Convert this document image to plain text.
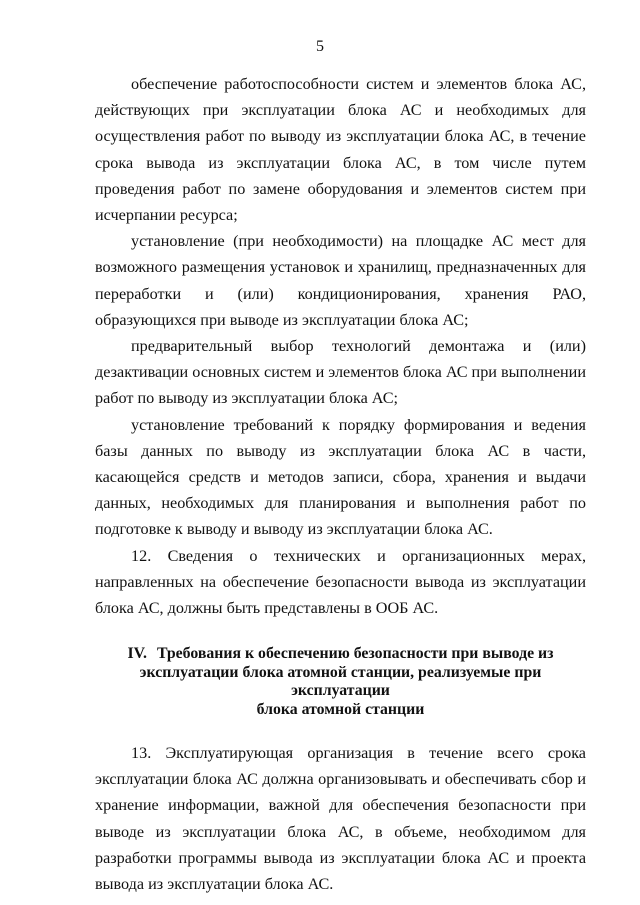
5

обеспечение работоспособности систем и элементов блока АС, действующих при эксплуатации блока АС и необходимых для осуществления работ по выводу из эксплуатации блока АС, в течение срока вывода из эксплуатации блока АС, в том числе путем проведения работ по замене оборудования и элементов систем при исчерпании ресурса;

установление (при необходимости) на площадке АС мест для возможного размещения установок и хранилищ, предназначенных для переработки и (или) кондиционирования, хранения РАО, образующихся при выводе из эксплуатации блока АС;

предварительный выбор технологий демонтажа и (или) дезактивации основных систем и элементов блока АС при выполнении работ по выводу из эксплуатации блока АС;

установление требований к порядку формирования и ведения базы данных по выводу из эксплуатации блока АС в части, касающейся средств и методов записи, сбора, хранения и выдачи данных, необходимых для планирования и выполнения работ по подготовке к выводу и выводу из эксплуатации блока АС.

12. Сведения о технических и организационных мерах, направленных на обеспечение безопасности вывода из эксплуатации блока АС, должны быть представлены в ООБ АС.

IV. Требования к обеспечению безопасности при выводе из
эксплуатации блока атомной станции, реализуемые при эксплуатации
блока атомной станции

13. Эксплуатирующая организация в течение всего срока эксплуатации блока АС должна организовывать и обеспечивать сбор и хранение информации, важной для обеспечения безопасности при выводе из эксплуатации блока АС, в объеме, необходимом для разработки программы вывода из эксплуатации блока АС и проекта вывода из эксплуатации блока АС.
